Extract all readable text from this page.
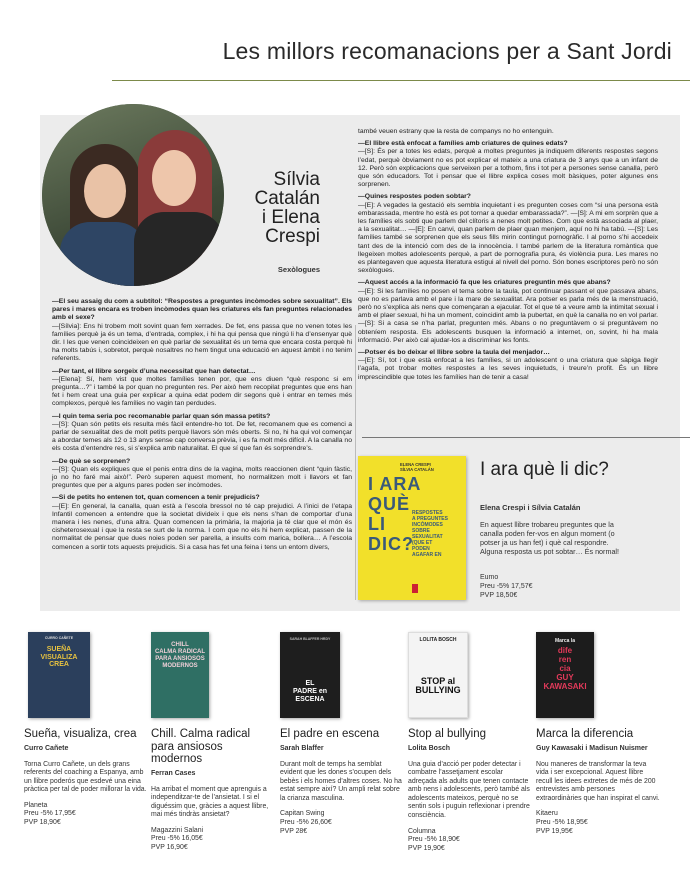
Les millors recomanacions per a Sant Jordi
Sílvia
Catalán
i Elena
Crespi
Sexòlogues

—El seu assaig du com a subtítol: “Respostes a preguntes incòmodes sobre sexualitat”. Els pares i mares encara es troben incòmodes quan les criatures els fan preguntes relacionades amb el sexe?
—[Sílvia]: Ens hi trobem molt sovint quan fem xerrades. De fet, ens passa que no venen totes les famílies perquè ja és un tema, d’entrada, complex, i hi ha qui pensa que ningú li ha d’ensenyar què dir. I les que venen coincideixen en què parlar de sexualitat és un tema que encara costa perquè hi ha molts tabús i, sobretot, perquè nosaltres no hem tingut una educació en aquest àmbit i no tenim referents.

—Per tant, el llibre sorgeix d’una necessitat que han detectat…
—[Elena]: Sí, hem vist que moltes famílies tenen por, que ens diuen “què responc si em pregunta…?” i també la por quan no pregunten res. Per això hem recopilat preguntes que ens han fet i hem creat una guia per explicar a quina edat podem dir segons què i entrar en temes més complexos, perquè les famílies no vagin tan perdudes.

—I quin tema seria poc recomanable parlar quan són massa petits?
—[S]: Quan són petits els resulta més fàcil entendre-ho tot. De fet, recomanem que es comenci a parlar de sexualitat des de molt petits perquè llavors són més oberts. Si no, hi ha qui vol començar a abordar temes als 12 o 13 anys sense cap conversa prèvia, i es fa molt més difícil. A la canalla no els costa d’entendre res, si s’explica amb naturalitat. El que sí que fan és sorprendre’s.

—De què se sorprenen?
—[S]: Quan els expliques que el penis entra dins de la vagina, molts reaccionen dient “quin fàstic, jo no ho faré mai això!”. Però superen aquest moment, ho normalitzen molt i llavors et fan preguntes que per a alguns pares poden ser incòmodes.

—Si de petits ho entenen tot, quan comencen a tenir prejudicis?
—[E]: En general, la canalla, quan està a l’escola bressol no té cap prejudici. A l’inici de l’etapa Infantil comencen a entendre que la societat divideix i que els nens s’han de comportar d’una manera i les nenes, d’una altra. Quan comencen la primària, la majoria ja té clar que el món és cisheterosexual i que la resta se surt de la norma. I com que no els hi hem explicat, passen de la normalitat de pensar que dues noies poden ser parella, a insults com marica, bollera… A l’escola comencen a sortir tots aquests prejudicis. Si a casa has fet una feina i tens un entorn divers,

també veuen estrany que la resta de companys no ho entenguin.

—El llibre està enfocat a famílies amb criatures de quines edats?
—[S]: És per a totes les edats, perquè a moltes preguntes ja indiquem diferents respostes segons l’edat, perquè òbviament no es pot explicar el mateix a una criatura de 3 anys que a un infant de 12. Però són explicacions que serveixen per a tothom, fins i tot per a persones sense canalla, però que són educadors. Tot i pensar que el llibre explica coses molt bàsiques, poter algunes ens sorprenen.

—Quines respostes poden sobtar?
—[E]: A vegades la gestació els sembla inquietant i es pregunten coses com “si una persona està embarassada, mentre ho està es pot tornar a quedar embarassada?”. —[S]: A mi em sorprèn que a les famílies els sobti que parlem del clítoris a nenes molt petites. Com que està associada al plaer, a la sexualitat… —[E]: En canvi, quan parlem de plaer quan menjem, aquí no hi ha tabú. —[S]: Les famílies també se sorprenen que els seus fills mirin contingut pornogràfic. I al porno s’hi accedeix tant des de la intenció com des de la innocència. I també parlem de la literatura romàntica que llegeixen moltes adolescents perquè, a part de pornografia pura, és violència pura. Les mares no es plantegaven que aquesta literatura estigui al nivell del porno. Són bones escriptores però no són sexòlogues.

—Aquest accés a la informació fa que les criatures preguntin més que abans?
—[E]: Si les famílies no posen el tema sobre la taula, pot continuar passant el que passava abans, que no es parlava amb el pare i la mare de sexualitat. Ara potser es parla més de la menstruació, però no s’explica als nens que començaran a ejacular. Tot el que té a veure amb la intimitat sexual i amb el plaer sexual, hi ha un moment, coincidint amb la pubertat, en què la canalla no en vol parlar. —[S]: Si a casa se n’ha parlat, pregunten més. Abans o no preguntàvem o si preguntàvem no obteníem resposta. Els adolescents busquen la informació a internet, on, sovint, hi ha mala informació. Per això cal ajudar-los a discriminar les fonts.

—Potser és bo deixar el llibre sobre la taula del menjador…
—[E]: Sí, tot i que està enfocat a les famílies, si un adolescent o una criatura que sàpiga llegir l’agafa, pot trobar moltes respostes a les seves inquietuds, i treure’n profit. És un llibre imprescindible que totes les famílies han de tenir a casa!

ELENA CRESPI
SÍLVIA CATALÁN
I ARA
QUÈ
LI
DIC?
RESPOSTES
A PREGUNTES
INCÒMODES
SOBRE
SEXUALITAT
(QUE ET
PODEN
AGAFAR EN
I ara què li dic?
Elena Crespi i Sílvia Catalán
En aquest llibre trobareu preguntes que la canalla poden fer-vos en algun moment (o potser ja us han fet) i què cal respondre. Alguna resposta us pot sobtar… És normal!
Eumo
Preu -5% 17,57€
PVP 18,50€
CURRO CAÑETE
SUEÑA
VISUALIZA
CREA
Sueña, visualiza, crea
Curro Cañete
Torna Curro Cañete, un dels grans referents del coaching a Espanya, amb un llibre poderós que esdevé una eina pràctica per tal de poder millorar la vida.
Planeta
Preu -5% 17,95€
PVP 18,90€
CHILL
CALMA RADICAL
PARA ANSIOSOS
MODERNOS
Chill. Calma radical para ansiosos modernos
Ferran Cases
Ha arribat el moment que aprenguis a independitzar-te de l’ansietat. I si el diguéssim que, gràcies a aquest llibre, mai més tindràs ansietat?
Magazzini Salani
Preu -5% 16,05€
PVP 16,90€
SARAH BLAFFER HRDY
EL
PADRE en
ESCENA
El padre en escena
Sarah Blaffer
Durant molt de temps ha semblat evident que les dones s’ocupen dels bebès i els homes d’altres coses. No ha estat sempre així? Un ampli relat sobre la crianza masculina.
Capitan Swing
Preu -5% 26,60€
PVP 28€
LOLITA BOSCH
STOP al
BULLYING
Stop al bullying
Lolita Bosch
Una guia d’acció per poder detectar i combatre l’assetjament escolar adreçada als adults que tenen contacte amb nens i adolescents, però també als adolescents mateixos, perquè no se sentin sols i puguin reflexionar i prendre consciència.
Columna
Preu -5% 18,90€
PVP 19,90€
Marca la
dife
ren
cia
GUY
KAWASAKI
Marca la diferencia
Guy Kawasaki i Madisun Nuismer
Nou maneres de transformar la teva vida i ser excepcional. Aquest llibre recull les idees extretes de més de 200 entrevistes amb persones extraordinàries que han inspirat el canvi.
Kitaeru
Preu -5% 18,95€
PVP 19,95€
